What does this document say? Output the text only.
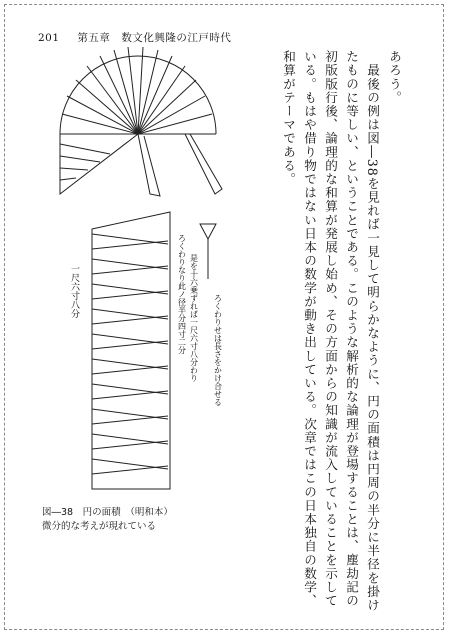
201 第五章　数文化興隆の江戸時代
あろう。
　最後の例は図―38を見れば一見して明らかなように、円の面積は円周の半分に半径を掛け
たものに等しい、ということである。このような解析的な論理が登場することは、塵劫記の
初版版行後、論理的な和算が発展し始め、その方面からの知識が流入していることを示して
いる。もはや借り物ではない日本の数学が動き出している。次章ではこの日本独自の数学、
和算がテーマである。
一尺六寸八分	ろくわりなり此ノ径半分四寸二分 是を十六乗ずれば一尺六寸八分わり ろくわりせは長さをかけ合せる
図―38　円の面積　（明和本）
微分的な考えが現れている
